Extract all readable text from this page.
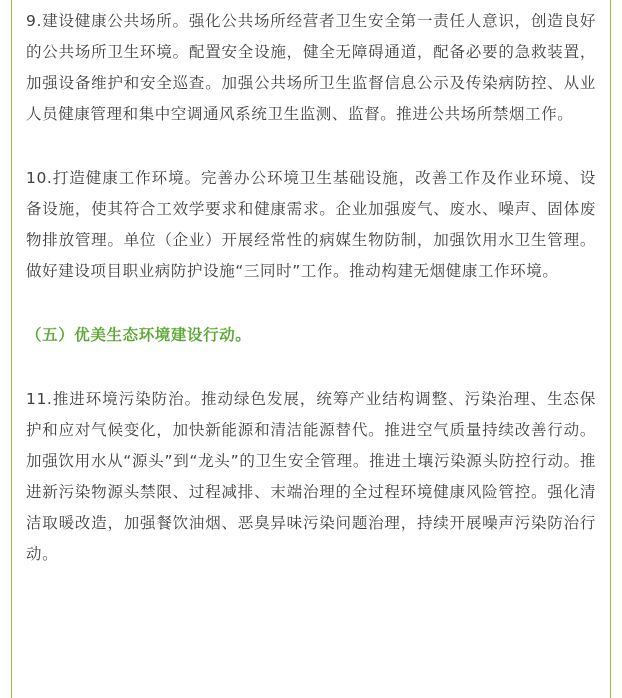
9.建设健康公共场所。强化公共场所经营者卫生安全第一责任人意识，创造良好的公共场所卫生环境。配置安全设施，健全无障碍通道，配备必要的急救装置，加强设备维护和安全巡查。加强公共场所卫生监督信息公示及传染病防控、从业人员健康管理和集中空调通风系统卫生监测、监督。推进公共场所禁烟工作。

10.打造健康工作环境。完善办公环境卫生基础设施，改善工作及作业环境、设备设施，使其符合工效学要求和健康需求。企业加强废气、废水、噪声、固体废物排放管理。单位（企业）开展经常性的病媒生物防制，加强饮用水卫生管理。做好建设项目职业病防护设施“三同时”工作。推动构建无烟健康工作环境。

（五）优美生态环境建设行动。

11.推进环境污染防治。推动绿色发展，统筹产业结构调整、污染治理、生态保护和应对气候变化，加快新能源和清洁能源替代。推进空气质量持续改善行动。加强饮用水从“源头”到“龙头”的卫生安全管理。推进土壤污染源头防控行动。推进新污染物源头禁限、过程减排、末端治理的全过程环境健康风险管控。强化清洁取暖改造，加强餐饮油烟、恶臭异味污染问题治理，持续开展噪声污染防治行动。
